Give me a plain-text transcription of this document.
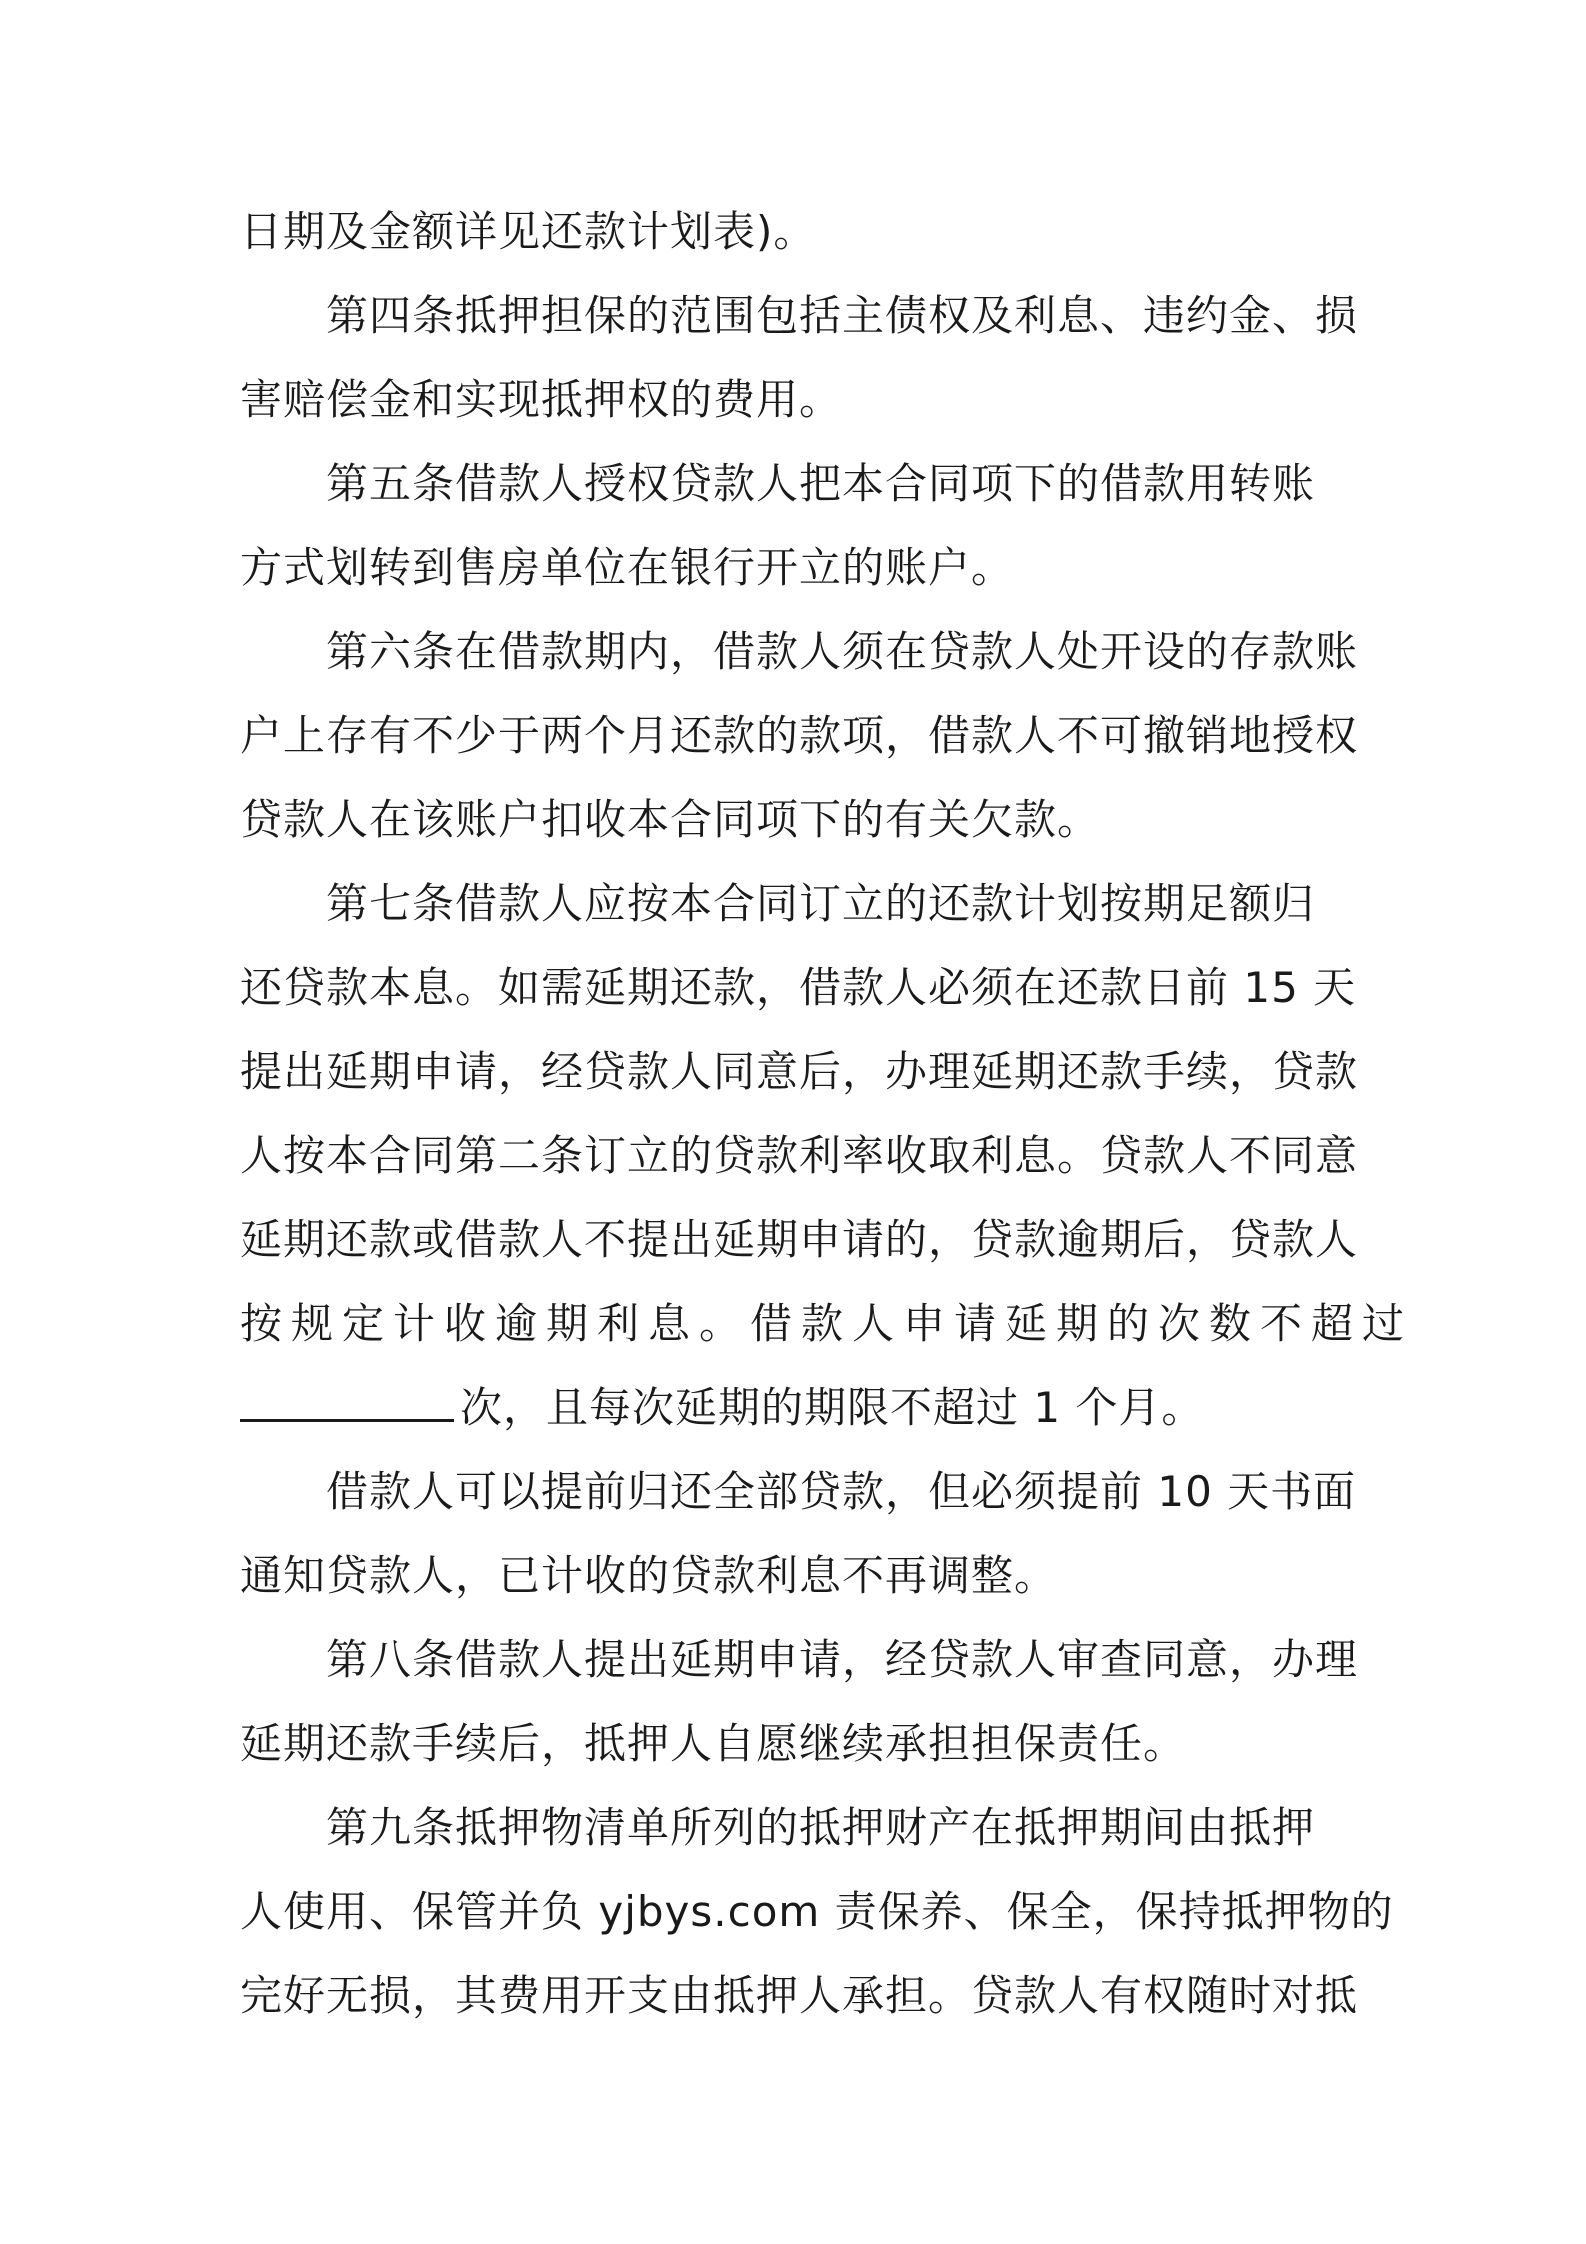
日期及金额详见还款计划表)。
第四条抵押担保的范围包括主债权及利息、违约金、损
害赔偿金和实现抵押权的费用。
第五条借款人授权贷款人把本合同项下的借款用转账
方式划转到售房单位在银行开立的账户。
第六条在借款期内，借款人须在贷款人处开设的存款账
户上存有不少于两个月还款的款项，借款人不可撤销地授权
贷款人在该账户扣收本合同项下的有关欠款。
第七条借款人应按本合同订立的还款计划按期足额归
还贷款本息。如需延期还款，借款人必须在还款日前 15 天
提出延期申请，经贷款人同意后，办理延期还款手续，贷款
人按本合同第二条订立的贷款利率收取利息。贷款人不同意
延期还款或借款人不提出延期申请的，贷款逾期后，贷款人
按规定计收逾期利息。借款人申请延期的次数不超过
次，且每次延期的期限不超过 1 个月。
借款人可以提前归还全部贷款，但必须提前 10 天书面
通知贷款人，已计收的贷款利息不再调整。
第八条借款人提出延期申请，经贷款人审查同意，办理
延期还款手续后，抵押人自愿继续承担担保责任。
第九条抵押物清单所列的抵押财产在抵押期间由抵押
人使用、保管并负 yjbys.com 责保养、保全，保持抵押物的
完好无损，其费用开支由抵押人承担。贷款人有权随时对抵
